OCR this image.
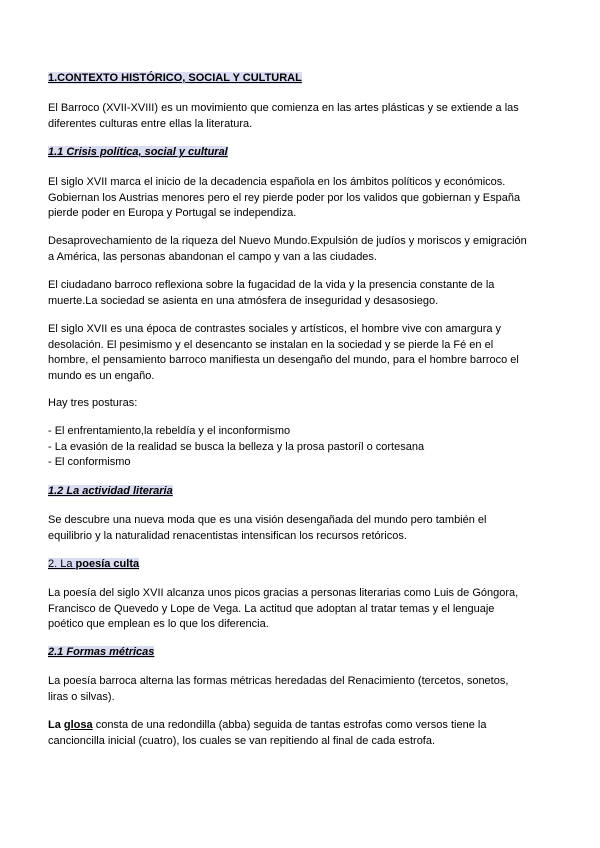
1.CONTEXTO HISTÓRICO, SOCIAL Y CULTURAL
El Barroco (XVII-XVIII) es un movimiento que comienza en las artes plásticas y se extiende a las
diferentes culturas entre ellas la literatura.
1.1 Crisis política, social y cultural
El siglo XVII marca el inicio de la decadencia española en los ámbitos políticos y económicos.
Gobiernan los Austrias menores pero el rey pierde poder por los validos que gobiernan y España
pierde poder en Europa y Portugal se independiza.
Desaprovechamiento de la riqueza del Nuevo Mundo.Expulsión de judíos y moriscos y emigración
a América, las personas abandonan el campo y van a las ciudades.
El ciudadano barroco reflexiona sobre la fugacidad de la vida y la presencia constante de la
muerte.La sociedad se asienta en una atmósfera de inseguridad y desasosiego.
El siglo XVII es una época de contrastes sociales y artísticos, el hombre vive con amargura y
desolación. El pesimismo y el desencanto se instalan en la sociedad y se pierde la Fé en el
hombre, el pensamiento barroco manifiesta un desengaño del mundo, para el hombre barroco el
mundo es un engaño.
Hay tres posturas:
- El enfrentamiento,la rebeldía y el inconformismo
- La evasión de la realidad se busca la belleza y la prosa pastoríl o cortesana
- El conformismo
1.2 La actividad literaria
Se descubre una nueva moda que es una visión desengañada del mundo pero también el
equilibrio y la naturalidad renacentistas intensifican los recursos retóricos.
2. La poesía culta
La poesía del siglo XVII alcanza unos picos gracias a personas literarias como Luis de Góngora,
Francisco de Quevedo y Lope de Vega. La actitud que adoptan al tratar temas y el lenguaje
poético que emplean es lo que los diferencia.
2.1 Formas métricas
La poesía barroca alterna las formas métricas heredadas del Renacimiento (tercetos, sonetos,
liras o silvas).
La glosa consta de una redondilla (abba) seguida de tantas estrofas como versos tiene la
cancioncilla inicial (cuatro), los cuales se van repitiendo al final de cada estrofa.
